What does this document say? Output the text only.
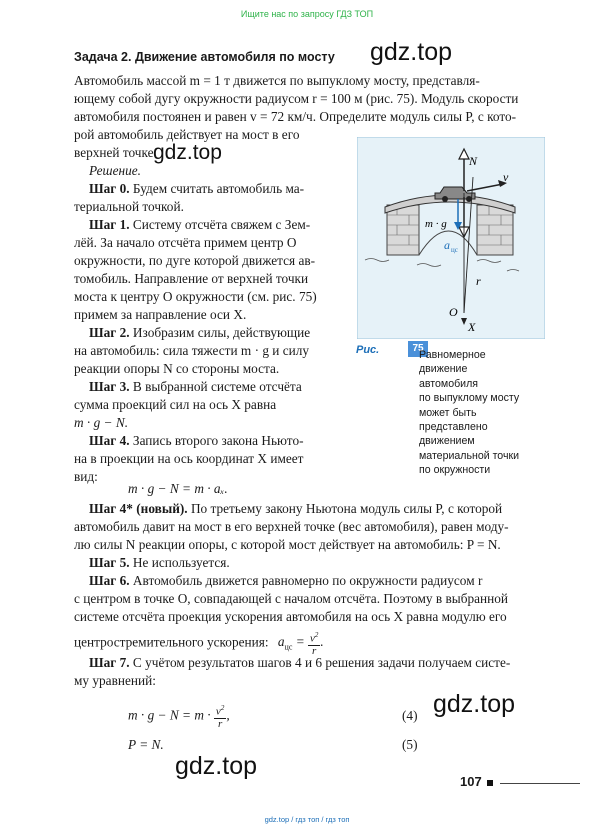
Ищите нас по запросу ГДЗ ТОП
gdz.top
gdz.top
gdz.top
gdz.top
Задача 2. Движение автомобиля по мосту
Автомобиль массой m = 1 т движется по выпуклому мосту, представля-
ющему собой дугу окружности радиусом r = 100 м (рис. 75). Модуль скорости
автомобиля постоянен и равен v = 72 км/ч. Определите модуль силы P, с кото-
рой автомобиль действует на мост в его
верхней точке.
Решение.
Шаг 0. Будем считать автомобиль ма-
териальной точкой.
Шаг 1. Систему отсчёта свяжем с Зем-
лёй. За начало отсчёта примем центр O
окружности, по дуге которой движется ав-
томобиль. Направление от верхней точки
моста к центру O окружности (см. рис. 75)
примем за направление оси X.
Шаг 2. Изобразим силы, действующие
на автомобиль: сила тяжести m · g и силу
реакции опоры N со стороны моста.
Шаг 3. В выбранной системе отсчёта
сумма проекций сил на ось X равна
m · g − N.
Шаг 4. Запись второго закона Ньюто-
на в проекции на ось координат X имеет
вид:
m · g − N = m · aₓ.
Шаг 4* (новый). По третьему закону Ньютона модуль силы P, с которой
автомобиль давит на мост в его верхней точке (вес автомобиля), равен моду-
лю силы N реакции опоры, с которой мост действует на автомобиль: P = N.
Шаг 5. Не используется.
Шаг 6. Автомобиль движется равномерно по окружности радиусом r
с центром в точке O, совпадающей с началом отсчёта. Поэтому в выбранной
системе отсчёта проекция ускорения автомобиля на ось X равна модулю его
центростремительного ускорения: $a_{цс} = \frac{v^2}{r}$ .
Шаг 7. С учётом результатов шагов 4 и 6 решения задачи получаем систе-
му уравнений:
$m \cdot g - N = m \cdot \frac{v^2}{r}$ ,	(4)
P = N.	(5)
N
v
m · g
a цс
r
O
X
Рис.	75
Равномерное
движение
автомобиля
по выпуклому мосту
может быть
представлено
движением
материальной точки
по окружности
107
gdz.top / гдз топ / гдз топ
